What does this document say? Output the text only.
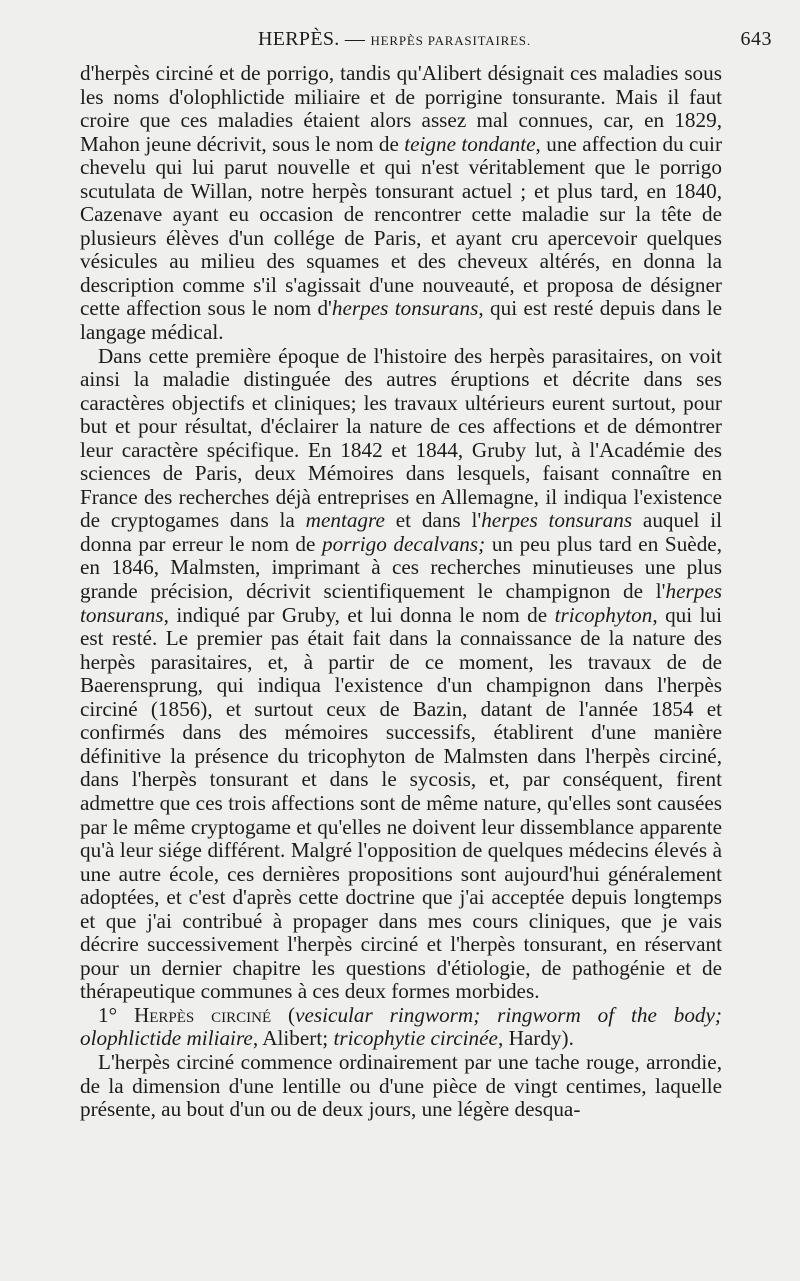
HERPÈS. — HERPÈS PARASITAIRES.	643

d'herpès circiné et de porrigo, tandis qu'Alibert désignait ces maladies sous les noms d'olophlictide miliaire et de porrigine tonsurante. Mais il faut croire que ces maladies étaient alors assez mal connues, car, en 1829, Mahon jeune décrivit, sous le nom de teigne tondante, une affection du cuir chevelu qui lui parut nouvelle et qui n'est véritablement que le porrigo scutulata de Willan, notre herpès tonsurant actuel ; et plus tard, en 1840, Cazenave ayant eu occasion de rencontrer cette maladie sur la tête de plusieurs élèves d'un collége de Paris, et ayant cru apercevoir quelques vésicules au milieu des squames et des cheveux altérés, en donna la description comme s'il s'agissait d'une nouveauté, et proposa de désigner cette affection sous le nom d'herpes tonsurans, qui est resté depuis dans le langage médical.

Dans cette première époque de l'histoire des herpès parasitaires, on voit ainsi la maladie distinguée des autres éruptions et décrite dans ses caractères objectifs et cliniques; les travaux ultérieurs eurent surtout, pour but et pour résultat, d'éclairer la nature de ces affections et de démontrer leur caractère spécifique. En 1842 et 1844, Gruby lut, à l'Académie des sciences de Paris, deux Mémoires dans lesquels, faisant connaître en France des recherches déjà entreprises en Allemagne, il indiqua l'existence de cryptogames dans la mentagre et dans l'herpes tonsurans auquel il donna par erreur le nom de porrigo decalvans; un peu plus tard en Suède, en 1846, Malmsten, imprimant à ces recherches minutieuses une plus grande précision, décrivit scientifiquement le champignon de l'herpes tonsurans, indiqué par Gruby, et lui donna le nom de tricophyton, qui lui est resté. Le premier pas était fait dans la connaissance de la nature des herpès parasitaires, et, à partir de ce moment, les travaux de de Baerensprung, qui indiqua l'existence d'un champignon dans l'herpès circiné (1856), et surtout ceux de Bazin, datant de l'année 1854 et confirmés dans des mémoires successifs, établirent d'une manière définitive la présence du tricophyton de Malmsten dans l'herpès circiné, dans l'herpès tonsurant et dans le sycosis, et, par conséquent, firent admettre que ces trois affections sont de même nature, qu'elles sont causées par le même cryptogame et qu'elles ne doivent leur dissemblance apparente qu'à leur siége différent. Malgré l'opposition de quelques médecins élevés à une autre école, ces dernières propositions sont aujourd'hui généralement adoptées, et c'est d'après cette doctrine que j'ai acceptée depuis longtemps et que j'ai contribué à propager dans mes cours cliniques, que je vais décrire successivement l'herpès circiné et l'herpès tonsurant, en réservant pour un dernier chapitre les questions d'étiologie, de pathogénie et de thérapeutique communes à ces deux formes morbides.

1° Herpès circiné (vesicular ringworm; ringworm of the body; olophlictide miliaire, Alibert; tricophytie circinée, Hardy).

L'herpès circiné commence ordinairement par une tache rouge, arrondie, de la dimension d'une lentille ou d'une pièce de vingt centimes, laquelle présente, au bout d'un ou de deux jours, une légère desqua-
